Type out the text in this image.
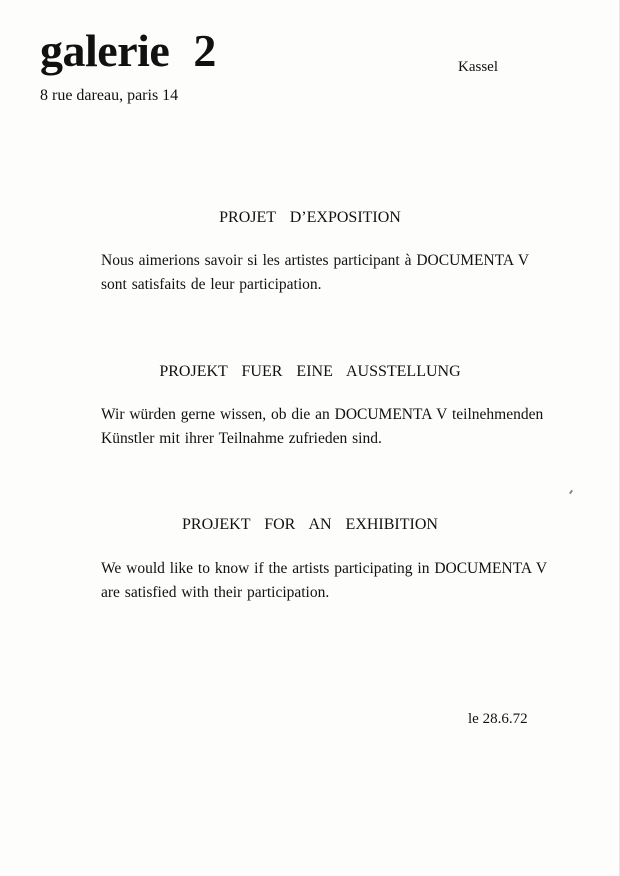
galerie 2
8 rue dareau, paris 14
Kassel
PROJET D’EXPOSITION
Nous aimerions savoir si les artistes participant à DOCUMENTA V
sont satisfaits de leur participation.
PROJEKT FUER EINE AUSSTELLUNG
Wir würden gerne wissen, ob die an DOCUMENTA V teilnehmenden
Künstler mit ihrer Teilnahme zufrieden sind.
PROJEKT FOR AN EXHIBITION
We would like to know if the artists participating in DOCUMENTA V
are satisfied with their participation.
le 28.6.72
